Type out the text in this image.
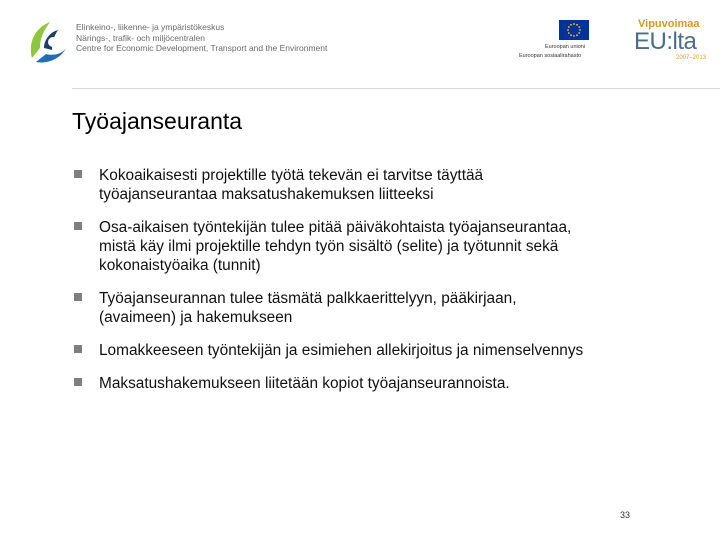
Elinkeino-, liikenne- ja ympäristökeskus
Närings-, trafik- och miljöcentralen
Centre for Economic Development, Transport and the Environment	Euroopan unioni
Euroopan sosiaalirahasto
Vipuvoimaa
EU:lta
2007–2013
Työajanseuranta
Kokoaikaisesti projektille työtä tekevän ei tarvitse täyttää
työajanseurantaa maksatushakemuksen liitteeksi
Osa-aikaisen työntekijän tulee pitää päiväkohtaista työajanseurantaa,
mistä käy ilmi projektille tehdyn työn sisältö (selite) ja työtunnit sekä
kokonaistyöaika (tunnit)
Työajanseurannan tulee täsmätä palkkaerittelyyn, pääkirjaan,
(avaimeen) ja hakemukseen
Lomakkeeseen työntekijän ja esimiehen allekirjoitus ja nimenselvennys
Maksatushakemukseen liitetään kopiot työajanseurannoista.
33
